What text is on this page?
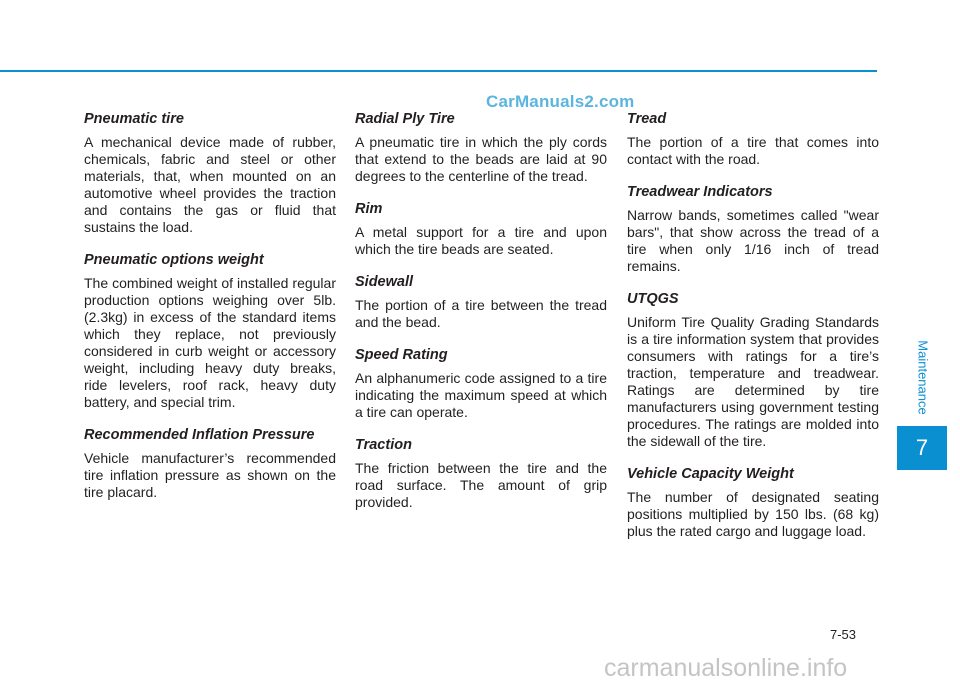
CarManuals2.com

Pneumatic tire

A mechanical device made of rubber, chemicals, fabric and steel or other materials, that, when mounted on an automotive wheel provides the traction and contains the gas or fluid that sustains the load.

Pneumatic options weight

The combined weight of installed regular production options weighing over 5lb. (2.3kg) in excess of the standard items which they replace, not previously considered in curb weight or accessory weight, including heavy duty breaks, ride levelers, roof rack, heavy duty battery, and special trim.

Recommended Inflation Pressure

Vehicle manufacturer’s recommended tire inflation pressure as shown on the tire placard.

Radial Ply Tire

A pneumatic tire in which the ply cords that extend to the beads are laid at 90 degrees to the centerline of the tread.

Rim

A metal support for a tire and upon which the tire beads are seated.

Sidewall

The portion of a tire between the tread and the bead.

Speed Rating

An alphanumeric code assigned to a tire indicating the maximum speed at which a tire can operate.

Traction

The friction between the tire and the road surface. The amount of grip provided.

Tread

The portion of a tire that comes into contact with the road.

Treadwear Indicators

Narrow bands, sometimes called "wear bars", that show across the tread of a tire when only 1/16 inch of tread remains.

UTQGS

Uniform Tire Quality Grading Standards is a tire information system that provides consumers with ratings for a tire’s traction, temperature and treadwear. Ratings are determined by tire manufacturers using government testing procedures. The ratings are molded into the sidewall of the tire.

Vehicle Capacity Weight

The number of designated seating positions multiplied by 150 lbs. (68 kg) plus the rated cargo and luggage load.

Maintenance
7
7-53
carmanualsonline.info
